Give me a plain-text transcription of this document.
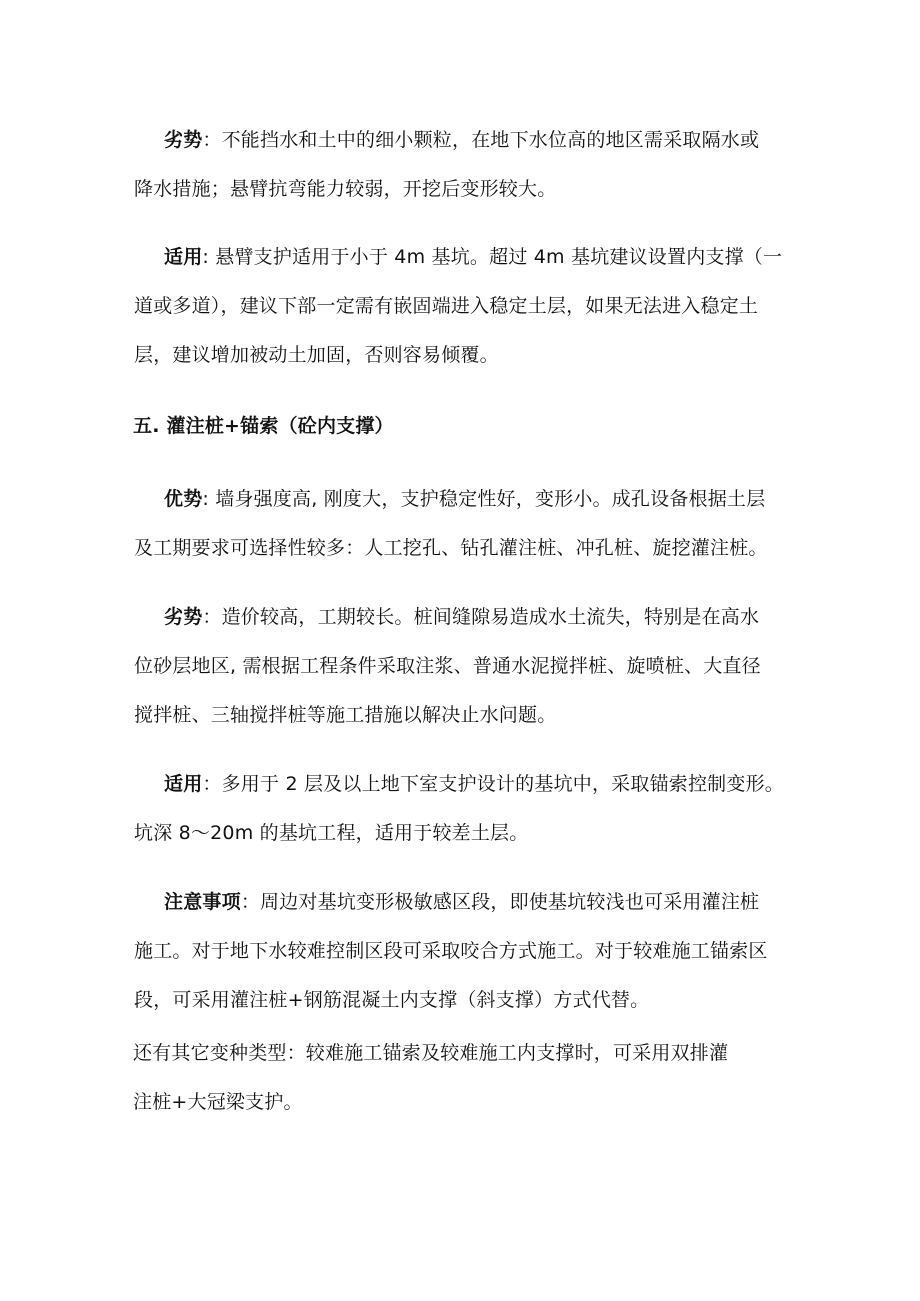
劣势：不能挡水和土中的细小颗粒，在地下水位高的地区需采取隔水或
降水措施；悬臂抗弯能力较弱，开挖后变形较大。
适用: 悬臂支护适用于小于 4m 基坑。超过 4m 基坑建议设置内支撑（一
道或多道），建议下部一定需有嵌固端进入稳定土层，如果无法进入稳定土
层，建议增加被动土加固，否则容易倾覆。
五. 灌注桩+锚索（砼内支撑）
优势: 墙身强度高, 刚度大，支护稳定性好，变形小。成孔设备根据土层
及工期要求可选择性较多：人工挖孔、钻孔灌注桩、冲孔桩、旋挖灌注桩。
劣势：造价较高，工期较长。桩间缝隙易造成水土流失，特别是在高水
位砂层地区, 需根据工程条件采取注浆、普通水泥搅拌桩、旋喷桩、大直径
搅拌桩、三轴搅拌桩等施工措施以解决止水问题。
适用：多用于 2 层及以上地下室支护设计的基坑中，采取锚索控制变形。
坑深 8～20m 的基坑工程，适用于较差土层。
注意事项：周边对基坑变形极敏感区段，即使基坑较浅也可采用灌注桩
施工。对于地下水较难控制区段可采取咬合方式施工。对于较难施工锚索区
段，可采用灌注桩+钢筋混凝土内支撑（斜支撑）方式代替。
还有其它变种类型：较难施工锚索及较难施工内支撑时，可采用双排灌
注桩+大冠梁支护。
